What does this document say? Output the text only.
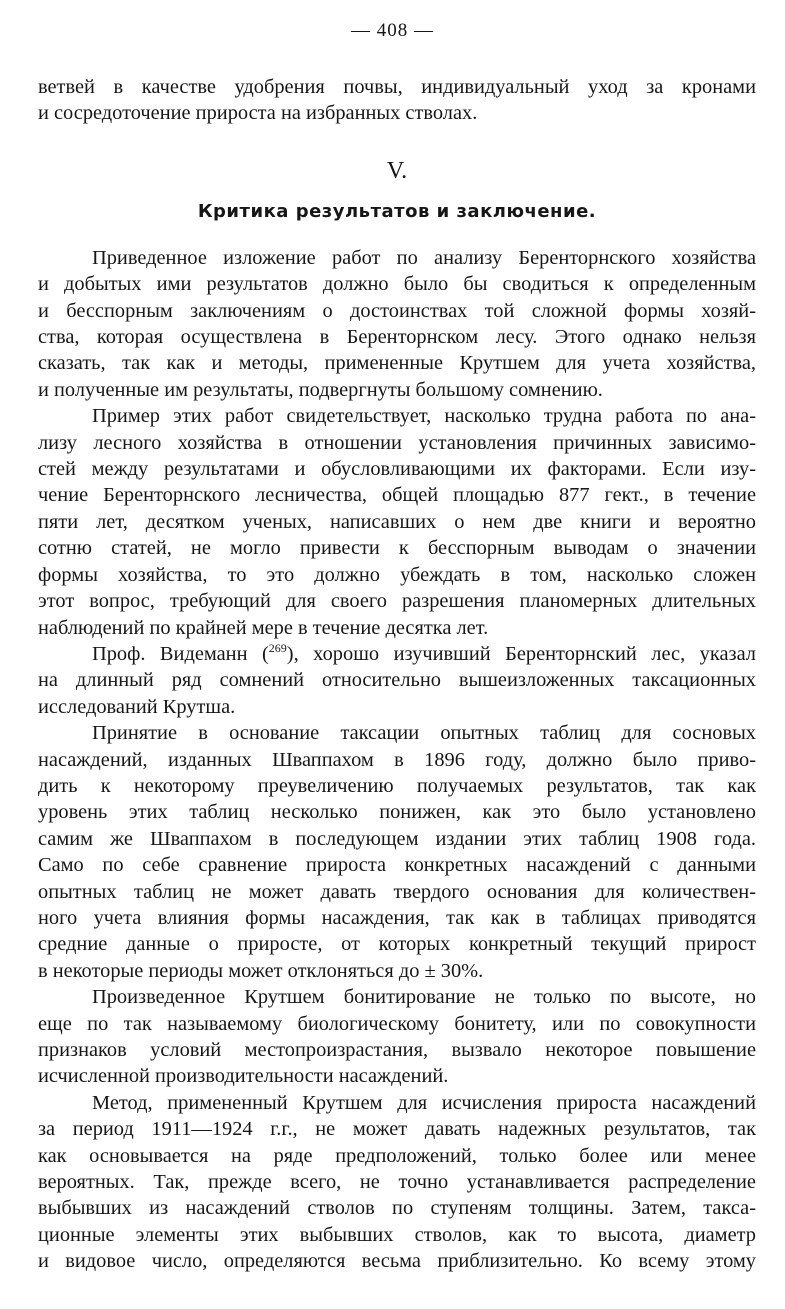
— 408 —

ветвей в качестве удобрения почвы, индивидуальный уход за кронами

и сосредоточение прироста на избранных стволах.

V.
Критика результатов и заключение.

Приведенное изложение работ по анализу Беренторнского хозяйства

и добытых ими результатов должно было бы сводиться к определенным

и бесспорным заключениям о достоинствах той сложной формы хозяй-

ства, которая осуществлена в Беренторнском лесу. Этого однако нельзя

сказать, так как и методы, примененные Крутшем для учета хозяйства,

и полученные им результаты, подвергнуты большому сомнению.

Пример этих работ свидетельствует, насколько трудна работа по ана-

лизу лесного хозяйства в отношении установления причинных зависимо-

стей между результатами и обусловливающими их факторами. Если изу-

чение Беренторнского лесничества, общей площадью 877 гект., в течение

пяти лет, десятком ученых, написавших о нем две книги и вероятно

сотню статей, не могло привести к бесспорным выводам о значении

формы хозяйства, то это должно убеждать в том, насколько сложен

этот вопрос, требующий для своего разрешения планомерных длительных

наблюдений по крайней мере в течение десятка лет.

Проф. Видеманн ($^{269}$), хорошо изучивший Беренторнский лес, указал

на длинный ряд сомнений относительно вышеизложенных таксационных

исследований Крутша.

Принятие в основание таксации опытных таблиц для сосновых

насаждений, изданных Шваппахом в 1896 году, должно было приво-

дить к некоторому преувеличению получаемых результатов, так как

уровень этих таблиц несколько понижен, как это было установлено

самим же Шваппахом в последующем издании этих таблиц 1908 года.

Само по себе сравнение прироста конкретных насаждений с данными

опытных таблиц не может давать твердого основания для количествен-

ного учета влияния формы насаждения, так как в таблицах приводятся

средние данные о приросте, от которых конкретный текущий прирост

в некоторые периоды может отклоняться до ± 30%.

Произведенное Крутшем бонитирование не только по высоте, но

еще по так называемому биологическому бонитету, или по совокупности

признаков условий местопроизрастания, вызвало некоторое повышение

исчисленной производительности насаждений.

Метод, примененный Крутшем для исчисления прироста насаждений

за период 1911—1924 г.г., не может давать надежных результатов, так

как основывается на ряде предположений, только более или менее

вероятных. Так, прежде всего, не точно устанавливается распределение

выбывших из насаждений стволов по ступеням толщины. Затем, такса-

ционные элементы этих выбывших стволов, как то высота, диаметр

и видовое число, определяются весьма приблизительно. Ко всему этому
